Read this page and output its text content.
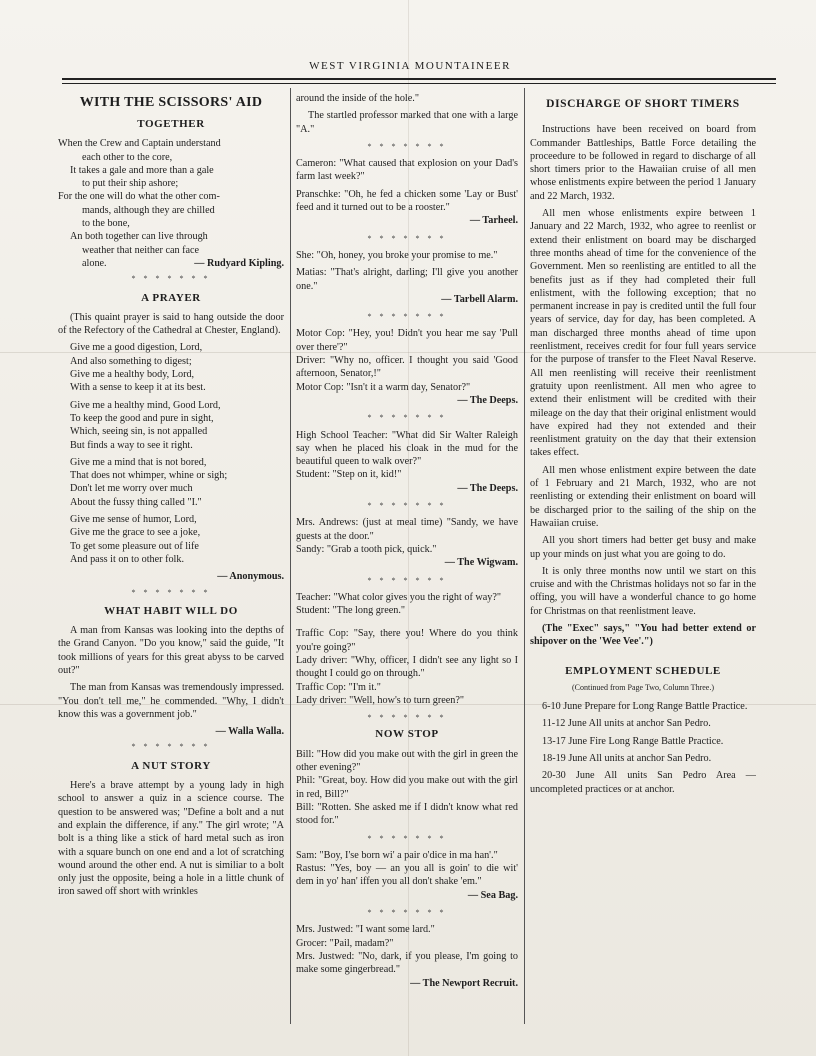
WEST VIRGINIA MOUNTAINEER
WITH THE SCISSORS' AID
TOGETHER

When the Crew and Captain understand

each other to the core,

It takes a gale and more than a gale

to put their ship ashore;

For the one will do what the other com-

mands, although they are chilled

to the bone,

An both together can live through

weather that neither can face

alone.	— Rudyard Kipling.

* * * * * * *
A PRAYER

(This quaint prayer is said to hang outside the door of the Refectory of the Cathedral at Chester, England).

Give me a good digestion, Lord,

And also something to digest;

Give me a healthy body, Lord,

With a sense to keep it at its best.

Give me a healthy mind, Good Lord,

To keep the good and pure in sight,

Which, seeing sin, is not appalled

But finds a way to see it right.

Give me a mind that is not bored,

That does not whimper, whine or sigh;

Don't let me worry over much

About the fussy thing called "I."

Give me sense of humor, Lord,

Give me the grace to see a joke,

To get some pleasure out of life

And pass it on to other folk.

— Anonymous.

* * * * * * *
WHAT HABIT WILL DO

A man from Kansas was looking into the depths of the Grand Canyon. "Do you know," said the guide, "It took millions of years for this great abyss to be carved out?"

The man from Kansas was tremendously impressed. "You don't tell me," he commended. "Why, I didn't know this was a government job."

— Walla Walla.

* * * * * * *
A NUT STORY

Here's a brave attempt by a young lady in high school to answer a quiz in a science course. The question to be answered was; "Define a bolt and a nut and explain the difference, if any." The girl wrote; "A bolt is a thing like a stick of hard metal such as iron with a square bunch on one end and a lot of scratching wound around the other end. A nut is similiar to a bolt only just the opposite, being a hole in a little chunk of iron sawed off short with wrinkles

around the inside of the hole."

The startled professor marked that one with a large "A."

* * * * * * *

Cameron: "What caused that explosion on your Dad's farm last week?"

Pranschke: "Oh, he fed a chicken some 'Lay or Bust' feed and it turned out to be a rooster."

— Tarheel.

* * * * * * *

She: "Oh, honey, you broke your promise to me."

Matias: "That's alright, darling; I'll give you another one."

— Tarbell Alarm.

* * * * * * *

Motor Cop: "Hey, you! Didn't you hear me say 'Pull over there'?"

Driver: "Why no, officer. I thought you said 'Good afternoon, Senator,!"

Motor Cop: "Isn't it a warm day, Senator?"

— The Deeps.

* * * * * * *

High School Teacher: "What did Sir Walter Raleigh say when he placed his cloak in the mud for the beautiful queen to walk over?"

Student: "Step on it, kid!"

— The Deeps.

* * * * * * *

Mrs. Andrews: (just at meal time) "Sandy, we have guests at the door."

Sandy: "Grab a tooth pick, quick."

— The Wigwam.

* * * * * * *

Teacher: "What color gives you the right of way?"

Student: "The long green."

Traffic Cop: "Say, there you! Where do you think you're going?"

Lady driver: "Why, officer, I didn't see any light so I thought I could go on through."

Traffic Cop: "I'm it."

Lady driver: "Well, how's to turn green?"

* * * * * * *
NOW STOP

Bill: "How did you make out with the girl in green the other evening?"

Phil: "Great, boy. How did you make out with the girl in red, Bill?"

Bill: "Rotten. She asked me if I didn't know what red stood for."

* * * * * * *

Sam: "Boy, I'se born wi' a pair o'dice in ma han'."

Rastus: "Yes, boy — an you all is goin' to die wit' dem in yo' han' iffen you all don't shake 'em."

— Sea Bag.

* * * * * * *

Mrs. Justwed: "I want some lard."

Grocer: "Pail, madam?"

Mrs. Justwed: "No, dark, if you please, I'm going to make some gingerbread."

— The Newport Recruit.

DISCHARGE OF SHORT TIMERS

Instructions have been received on board from Commander Battleships, Battle Force detailing the proceedure to be followed in regard to discharge of all short timers prior to the Hawaiian cruise of all men whose enlistments expire between the period 1 January and 22 March, 1932.

All men whose enlistments expire between 1 January and 22 March, 1932, who agree to reenlist or extend their enlistment on board may be discharged three months ahead of time for the convenience of the Government. Men so reenlisting are entitled to all the benefits just as if they had completed their full enlistment, with the following exception; that no permanent increase in pay is credited until the full four years of service, day for day, has been completed. A man discharged three months ahead of time upon reenlistment, receives credit for four full years service for the purpose of transfer to the Fleet Naval Reserve. All men reenlisting will receive their reenlistment gratuity upon reenlistment. All men who agree to extend their enlistment will be credited with their mileage on the day that their original enlistment would have expired had they not extended and their reenlistment gratuity on the day that their extension takes effect.

All men whose enlistment expire between the date of 1 February and 21 March, 1932, who are not reenlisting or extending their enlistment on board will be discharged prior to the sailing of the ship on the Hawaiian cruise.

All you short timers had better get busy and make up your minds on just what you are going to do.

It is only three months now until we start on this cruise and with the Christmas holidays not so far in the offing, you will have a wonderful chance to go home for Christmas on that reenlistment leave.

(The "Exec" says," "You had better extend or shipover on the 'Wee Vee'.")

EMPLOYMENT SCHEDULE
(Continued from Page Two, Column Three.)

6-10 June Prepare for Long Range Battle Practice.

11-12 June All units at anchor San Pedro.

13-17 June Fire Long Range Battle Practice.

18-19 June All units at anchor San Pedro.

20-30 June All units San Pedro Area — uncompleted practices or at anchor.
